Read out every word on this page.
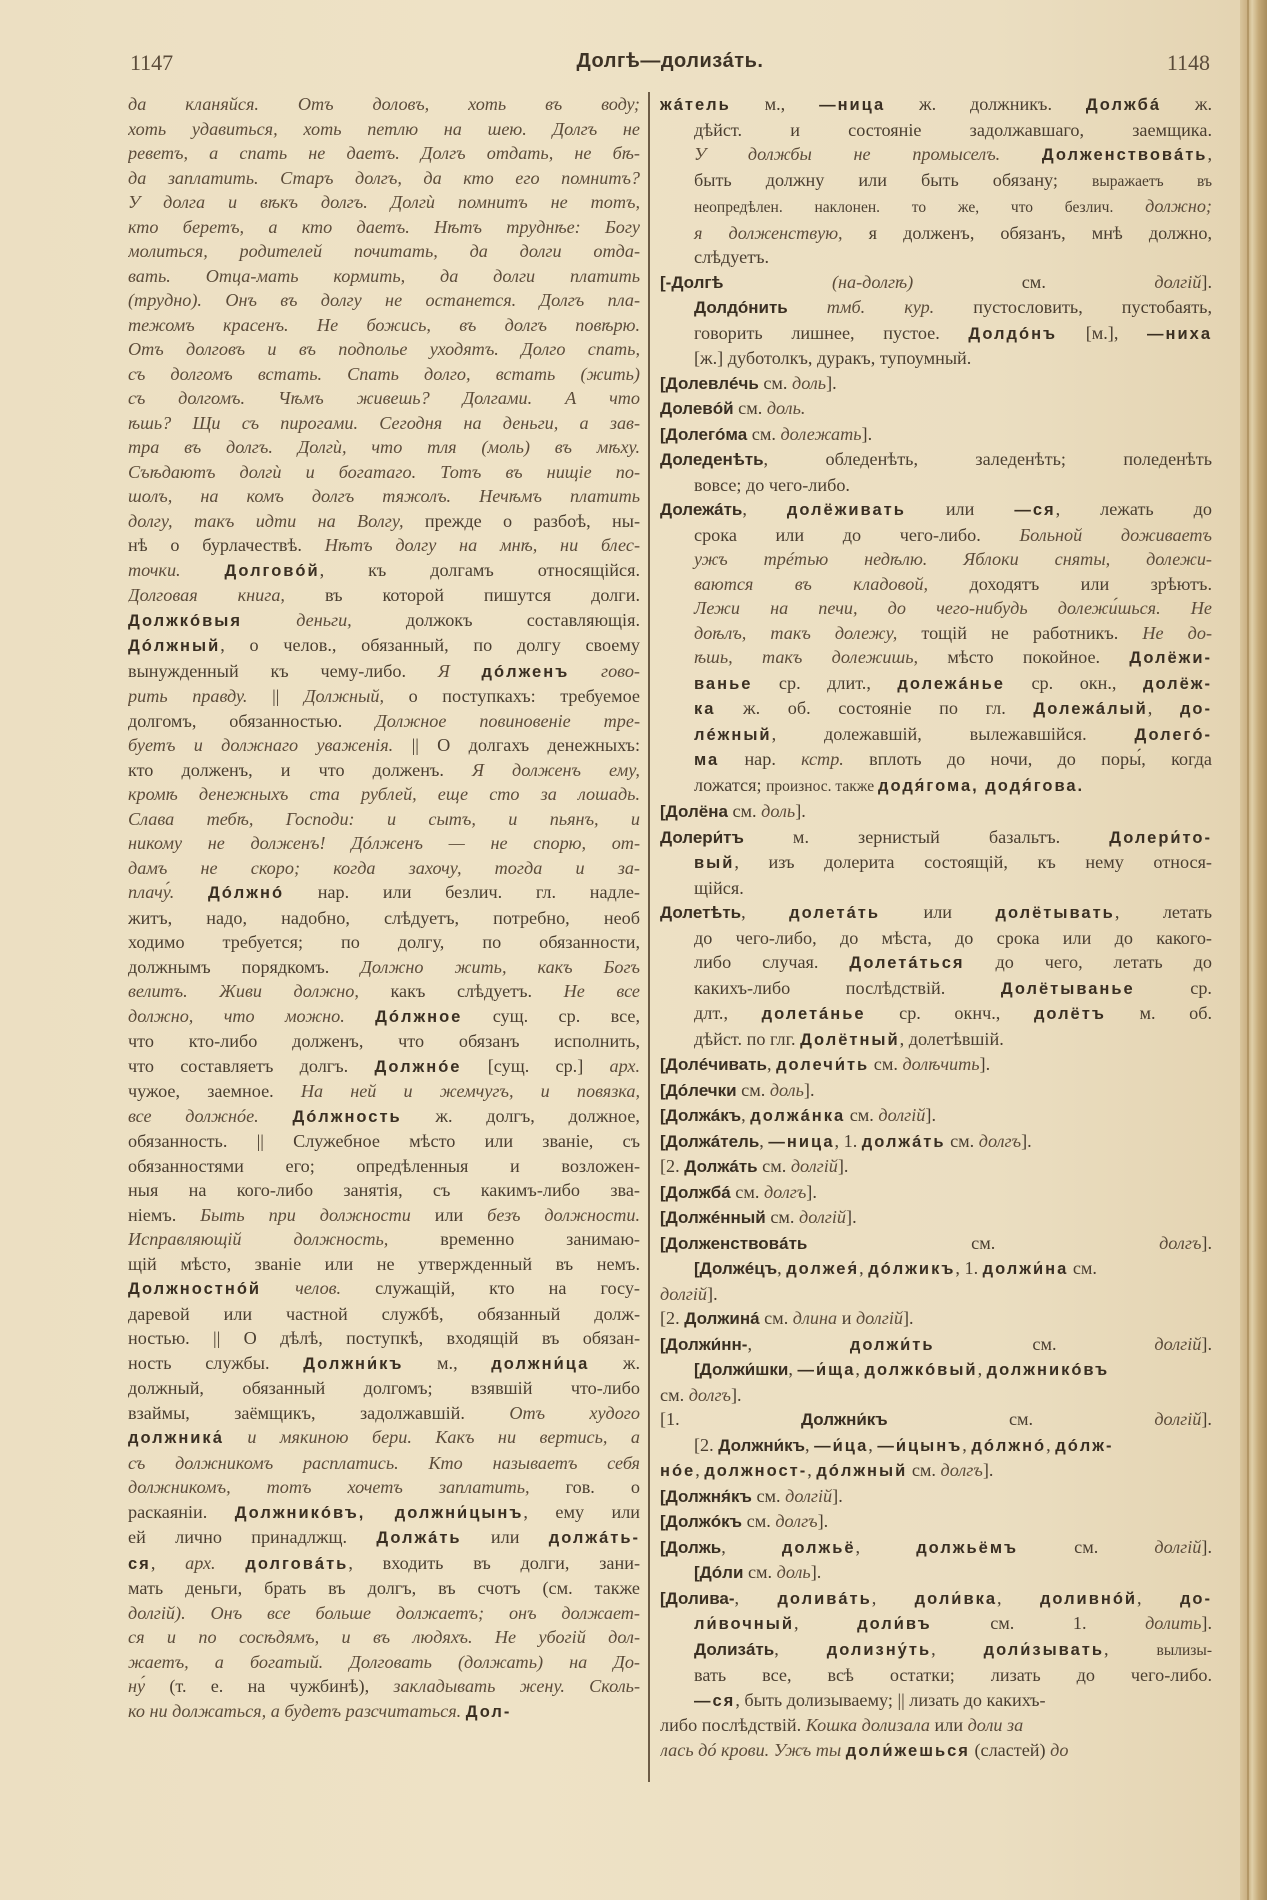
1147	Долгѣ—долизáть.	1148
да кланяйся. Отъ доловъ, хоть въ воду;
хоть удавиться, хоть петлю на шею. Долгъ не
реветъ, а спать не даетъ. Долгъ отдать, не бѣ-
да заплатить. Старъ долгъ, да кто его помнитъ?
У долга и вѣкъ долгъ. Долгѝ помнитъ не тотъ,
кто беретъ, а кто даетъ. Нѣтъ труднѣе: Богу
молиться, родителей почитать, да долги отда-
вать. Отца-мать кормить, да долги платить
(трудно). Онъ въ долгу не останется. Долгъ пла-
тежомъ красенъ. Не божись, въ долгъ повѣрю.
Отъ долговъ и въ подполье уходятъ. Долго спать,
съ долгомъ встать. Спать долго, встать (жить)
съ долгомъ. Чѣмъ живешь? Долгами. А что
ѣшь? Щи съ пирогами. Сегодня на деньги, а зав-
тра въ долгъ. Долгѝ, что тля (моль) въ мѣху.
Съѣдаютъ долгѝ и богатаго. Тотъ въ нищіе по-
шолъ, на комъ долгъ тяжолъ. Нечѣмъ платить
долгу, такъ идти на Волгу, прежде о разбоѣ, ны-
нѣ о бурлачествѣ. Нѣтъ долгу на мнѣ, ни блес-
точки. Долговóй, къ долгамъ относящійся.
Долговая книга, въ которой пишутся долги.
Должкóвыя деньги, должокъ составляющія.
Дóлжный, о челов., обязанный, по долгу своему
вынужденный къ чему-либо. Я дóлженъ гово-
рить правду. || Должный, о поступкахъ: требуемое
долгомъ, обязанностью. Должное повиновеніе тре-
буетъ и должнаго уваженія. || О долгахъ денежныхъ:
кто долженъ, и что долженъ. Я долженъ ему,
кромѣ денежныхъ ста рублей, еще сто за лошадь.
Слава тебѣ, Господи: и сытъ, и пьянъ, и
никому не долженъ! Дóлженъ — не спорю, от-
дамъ не скоро; когда захочу, тогда и за-
плачу́. Дóлжнó нар. или безлич. гл. надле-
житъ, надо, надобно, слѣдуетъ, потребно, необ
ходимо требуется; по долгу, по обязанности,
должнымъ порядкомъ. Должно жить, какъ Богъ
велитъ. Живи должно, какъ слѣдуетъ. Не все
должно, что можно. Дóлжное сущ. ср. все,
что кто-либо долженъ, что обязанъ исполнить,
что составляетъ долгъ. Должнóе [сущ. ср.] арх.
чужое, заемное. На ней и жемчугъ, и повязка,
все должнóе. Дóлжность ж. долгъ, должное,
обязанность. || Служебное мѣсто или званіе, съ
обязанностями его; опредѣленныя и возложен-
ныя на кого-либо занятія, съ какимъ-либо зва-
ніемъ. Быть при должности или безъ должности.
Исправляющій должность, временно занимаю-
щій мѣсто, званіе или не утвержденный въ немъ.
Должностнóй челов. служащій, кто на госу-
даревой или частной службѣ, обязанный долж-
ностью. || О дѣлѣ, поступкѣ, входящій въ обязан-
ность службы. Должни́къ м., должни́ца ж.
должный, обязанный долгомъ; взявшій что-либо
взаймы, заёмщикъ, задолжавшій. Отъ худого
должника́ и мякиною бери. Какъ ни вертись, а
съ должникомъ расплатись. Кто называетъ себя
должникомъ, тотъ хочетъ заплатить, гов. о
раскаяніи. Должникóвъ, должни́цынъ, ему или
ей лично принадлжщ. Должáть или должáть-
ся, арх. долговáть, входить въ долги, зани-
мать деньги, брать въ долгъ, въ счотъ (см. также
долгій). Онъ все больше должаетъ; онъ должает-
ся и по сосѣдямъ, и въ людяхъ. Не убогій дол-
жаетъ, а богатый. Долговать (должать) на До-
ну́ (т. е. на чужбинѣ), закладывать жену. Сколь-
ко ни должаться, а будетъ разсчитаться. Дол-
жáтель м., —ница ж. должникъ. Должбá ж.
дѣйст. и состояніе задолжавшаго, заемщика.
У должбы не промыселъ. Долженствовáть,
быть должну или быть обязану; выражаетъ въ
неопредѣлен. наклонен. то же, что безлич. должно;
я долженствую, я долженъ, обязанъ, мнѣ должно,
слѣдуетъ.
[-Долгѣ (на-долгѣ) см. долгій].
Долдóнить тмб. кур. пустословить, пустобаять,
говорить лишнее, пустое. Долдóнъ [м.], —ниха
[ж.] дуботолкъ, дуракъ, тупоумный.
[Долевлéчь см. доль].
Долевóй см. доль.
[Долегóма см. долежать].
Доледенѣть, обледенѣть, заледенѣть; поледенѣть
вовсе; до чего-либо.
Долежáть, долёживать или —ся, лежать до
срока или до чего-либо. Больной доживаетъ
ужъ трéтью недѣлю. Яблоки сняты, долежи-
ваются въ кладовой, доходятъ или зрѣютъ.
Лежи на печи, до чего-нибудь долежи́шься. Не
доѣлъ, такъ долежу, тощій не работникъ. Не до-
ѣшь, такъ долежишь, мѣсто покойное. Долёжи-
ванье ср. длит., долежáнье ср. окн., долёж-
ка ж. об. состояніе по гл. Долежáлый, до-
лéжный, долежавшій, вылежавшійся. Долегó-
ма нар. кстр. вплоть до ночи, до поры́, когда
ложатся; произнос. также додя́гома, додя́гова.
[Долёна см. доль].
Долери́тъ м. зернистый базальтъ. Долери́то-
вый, изъ долерита состоящій, къ нему относя-
щійся.
Долетѣть, долетáть или долётывать, летать
до чего-либо, до мѣста, до срока или до какого-
либо случая. Долетáться до чего, летать до
какихъ-либо послѣдствій. Долётыванье ср.
длт., долетáнье ср. окнч., долётъ м. об.
дѣйст. по глг. Долётный, долетѣвшій.
[Долéчивать, долечи́ть см. долѣчить].
[Дóлечки см. доль].
[Должáкъ, должáнка см. долгій].
[Должáтель, —ница, 1. должáть см. долгъ].
[2. Должáть см. долгій].
[Должбá см. долгъ].
[Должéнный см. долгій].
[Долженствовáть см. долгъ].
[Должéцъ, должея́, дóлжикъ, 1. должи́на см.
долгій].
[2. Должинá см. длина и долгій].
[Должи́нн-, должи́ть см. долгій].
[Должи́шки, —и́ща, должкóвый, должникóвъ
см. долгъ].
[1. Должни́къ см. долгій].
[2. Должни́къ, —и́ца, —и́цынъ, дóлжнó, дóлж-
нóе, должност-, дóлжный см. долгъ].
[Должня́къ см. долгій].
[Должóкъ см. долгъ].
[Должь, должьё, должьёмъ см. долгій].
[Дóли см. доль].
[Долива-, доливáть, доли́вка, доливнóй, до-
ли́вочный, доли́въ см. 1. долить].
Долизáть, долизну́ть, доли́зывать, вылизы-
вать все, всѣ остатки; лизать до чего-либо.
—ся, быть долизываему; || лизать до какихъ-
либо послѣдствій. Кошка долизала или доли за
лась дó крови. Ужъ ты доли́жешься (сластей) до
